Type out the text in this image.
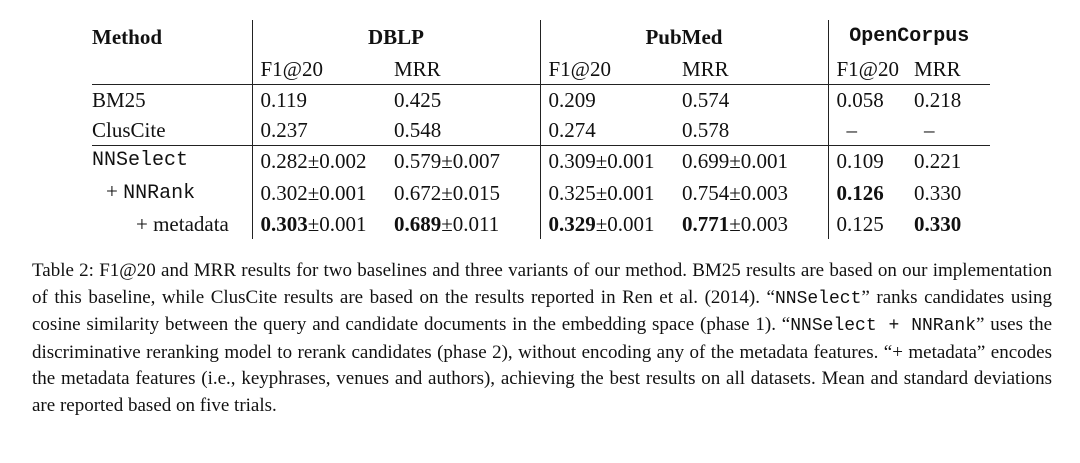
Method	DBLP		PubMed		OpenCorpus	
	F1@20	MRR	F1@20	MRR	F1@20	MRR
BM25	0.119	0.425	0.209	0.574	0.058	0.218
ClusCite	0.237	0.548	0.274	0.578	–	–
NNSelect	0.282±0.002	0.579±0.007	0.309±0.001	0.699±0.001	0.109	0.221
+ NNRank	0.302±0.001	0.672±0.015	0.325±0.001	0.754±0.003	0.126	0.330
+ metadata	0.303±0.001	0.689±0.011	0.329±0.001	0.771±0.003	0.125	0.330
Table 2: F1@20 and MRR results for two baselines and three variants of our method. BM25 results are based on our implementation of this baseline, while ClusCite results are based on the results reported in Ren et al. (2014). “NNSelect” ranks candidates using cosine similarity between the query and candidate documents in the embedding space (phase 1). “NNSelect + NNRank” uses the discriminative reranking model to rerank candidates (phase 2), without encoding any of the metadata features. “+ metadata” encodes the metadata features (i.e., keyphrases, venues and authors), achieving the best results on all datasets. Mean and standard deviations are reported based on five trials.
